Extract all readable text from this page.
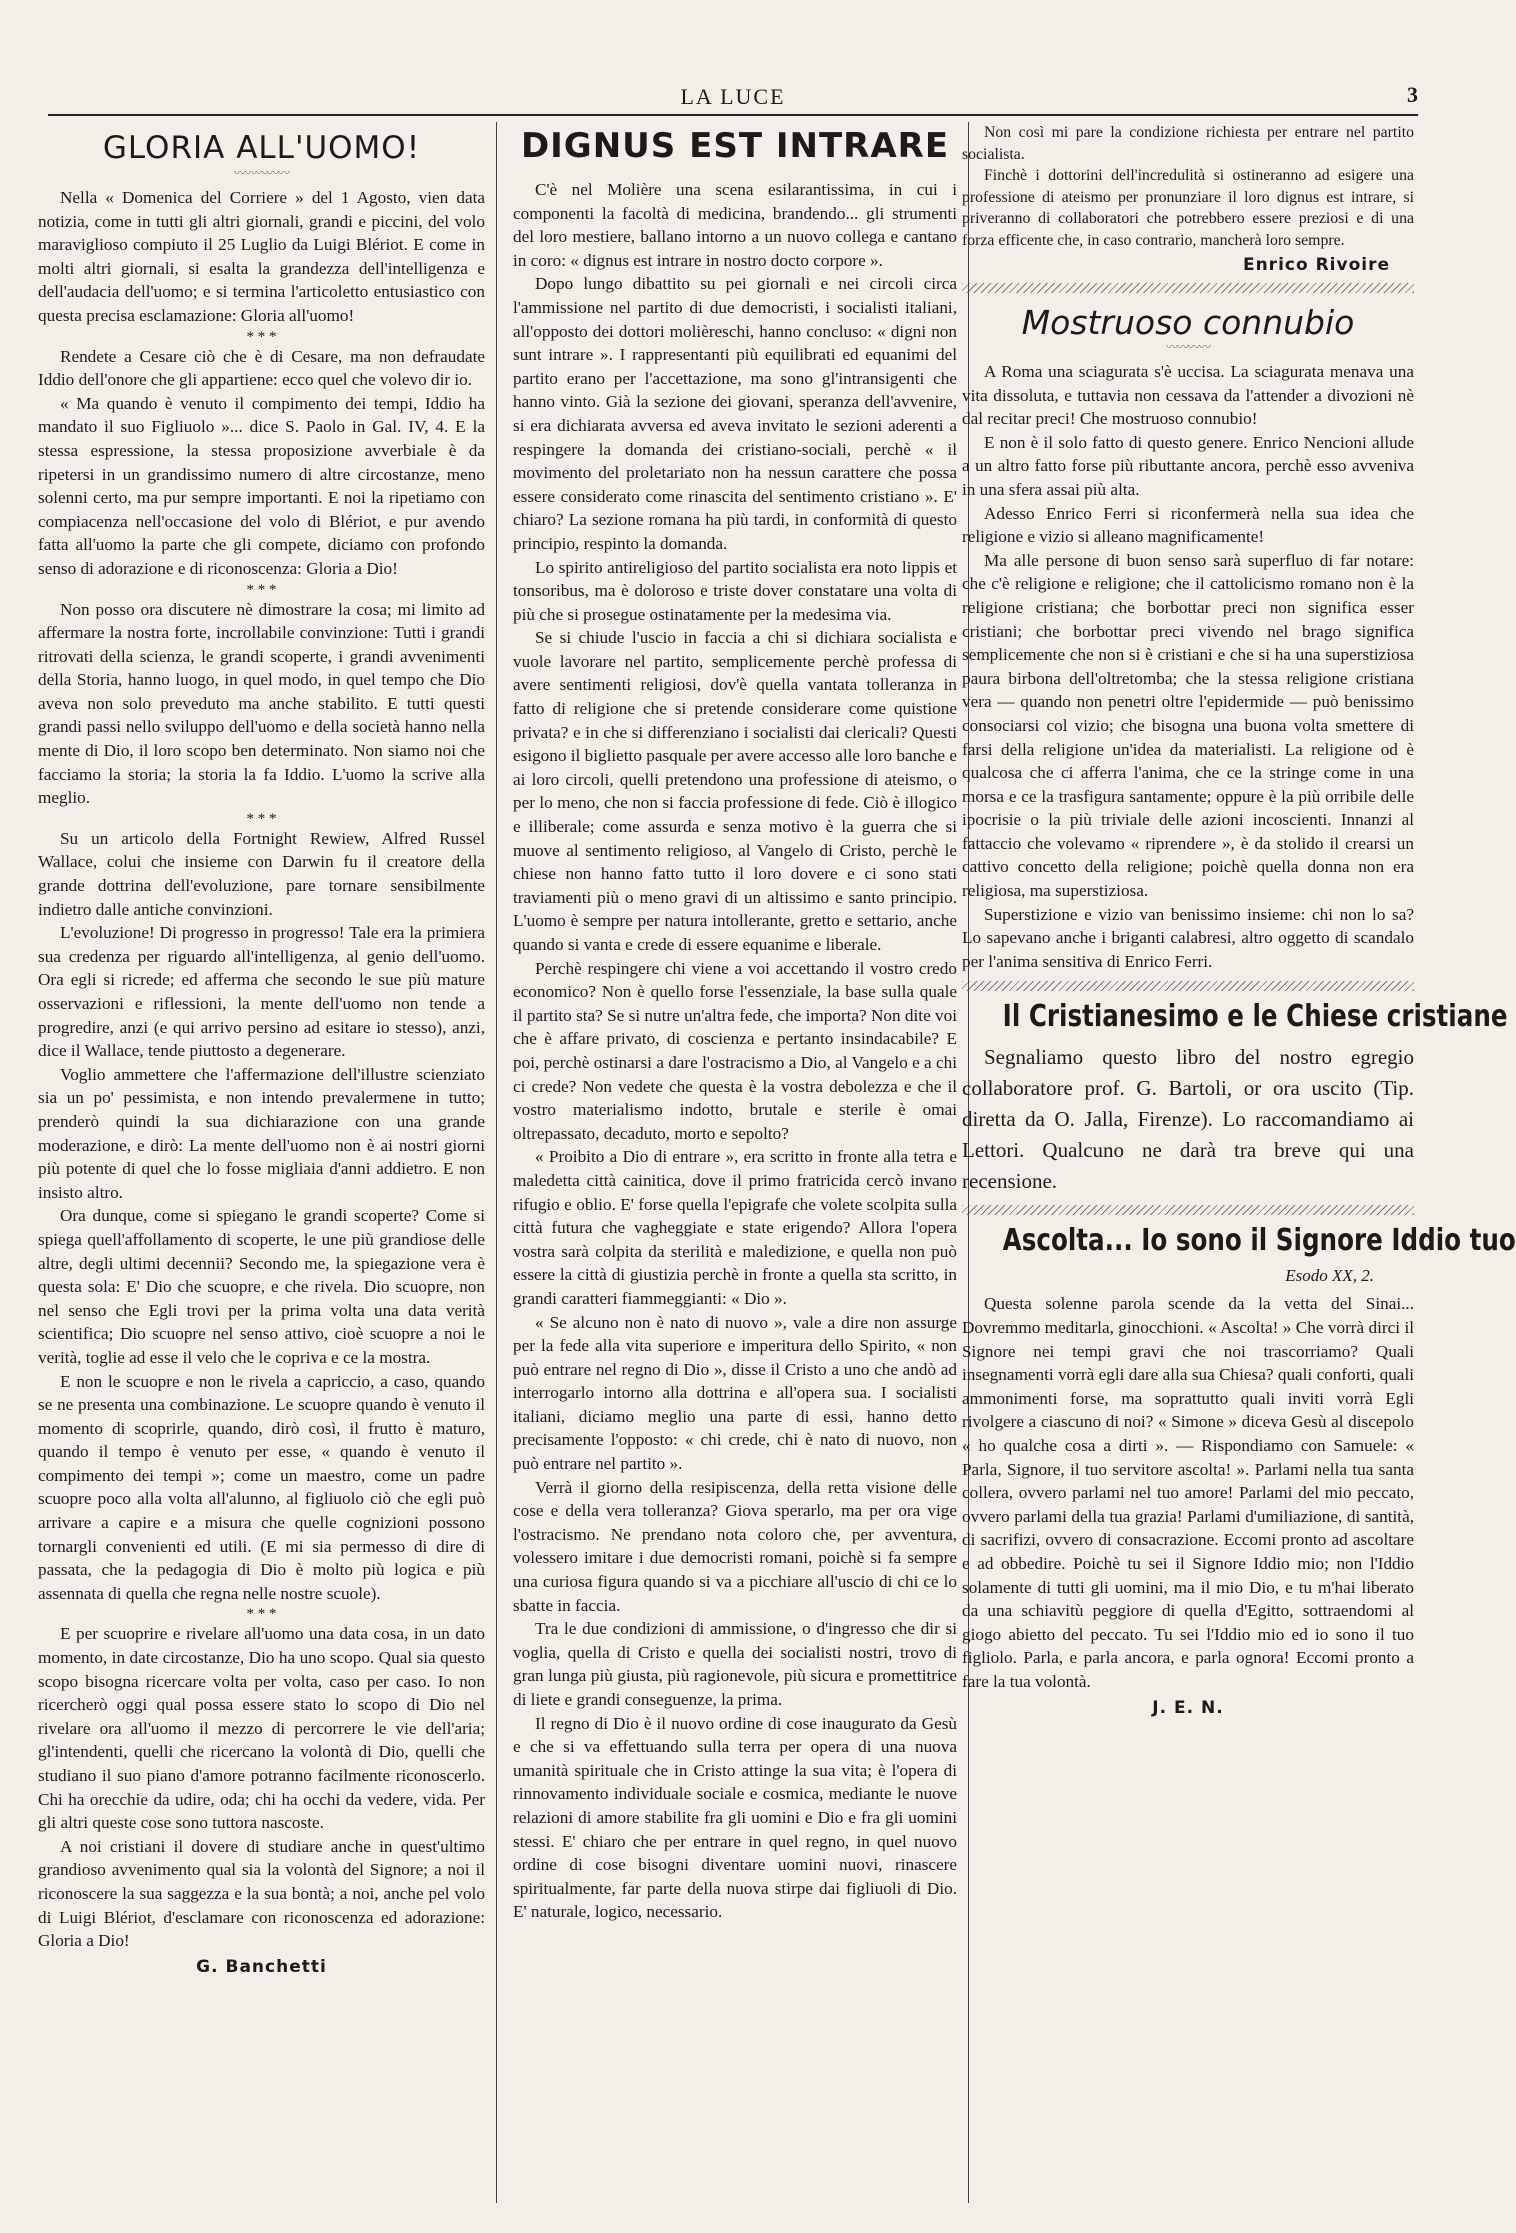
LA LUCE	3
GLORIA ALL'UOMO!
〰〰〰〰〰

Nella « Domenica del Corriere » del 1 Agosto, vien data notizia, come in tutti gli altri giornali, grandi e piccini, del volo maraviglioso compiuto il 25 Luglio da Luigi Blériot. E come in molti altri giornali, si esalta la grandezza dell'intelligenza e dell'audacia dell'uomo; e si termina l'articoletto entusiastico con questa precisa esclamazione: Gloria all'uomo!

* * *

Rendete a Cesare ciò che è di Cesare, ma non defraudate Iddio dell'onore che gli appartiene: ecco quel che volevo dir io.

« Ma quando è venuto il compimento dei tempi, Iddio ha mandato il suo Figliuolo »... dice S. Paolo in Gal. IV, 4. E la stessa espressione, la stessa proposizione avverbiale è da ripetersi in un grandissimo numero di altre circostanze, meno solenni certo, ma pur sempre importanti. E noi la ripetiamo con compiacenza nell'occasione del volo di Blériot, e pur avendo fatta all'uomo la parte che gli compete, diciamo con profondo senso di adorazione e di riconoscenza: Gloria a Dio!

* * *

Non posso ora discutere nè dimostrare la cosa; mi limito ad affermare la nostra forte, incrollabile convinzione: Tutti i grandi ritrovati della scienza, le grandi scoperte, i grandi avvenimenti della Storia, hanno luogo, in quel modo, in quel tempo che Dio aveva non solo preveduto ma anche stabilito. E tutti questi grandi passi nello sviluppo dell'uomo e della società hanno nella mente di Dio, il loro scopo ben determinato. Non siamo noi che facciamo la storia; la storia la fa Iddio. L'uomo la scrive alla meglio.

* * *

Su un articolo della Fortnight Rewiew, Alfred Russel Wallace, colui che insieme con Darwin fu il creatore della grande dottrina dell'evoluzione, pare tornare sensibilmente indietro dalle antiche convinzioni.

L'evoluzione! Di progresso in progresso! Tale era la primiera sua credenza per riguardo all'intelligenza, al genio dell'uomo. Ora egli si ricrede; ed afferma che secondo le sue più mature osservazioni e riflessioni, la mente dell'uomo non tende a progredire, anzi (e qui arrivo persino ad esitare io stesso), anzi, dice il Wallace, tende piuttosto a degenerare.

Voglio ammettere che l'affermazione dell'illustre scienziato sia un po' pessimista, e non intendo prevalermene in tutto; prenderò quindi la sua dichiarazione con una grande moderazione, e dirò: La mente dell'uomo non è ai nostri giorni più potente di quel che lo fosse migliaia d'anni addietro. E non insisto altro.

Ora dunque, come si spiegano le grandi scoperte? Come si spiega quell'affollamento di scoperte, le une più grandiose delle altre, degli ultimi decennii? Secondo me, la spiegazione vera è questa sola: E' Dio che scuopre, e che rivela. Dio scuopre, non nel senso che Egli trovi per la prima volta una data verità scientifica; Dio scuopre nel senso attivo, cioè scuopre a noi le verità, toglie ad esse il velo che le copriva e ce la mostra.

E non le scuopre e non le rivela a capriccio, a caso, quando se ne presenta una combinazione. Le scuopre quando è venuto il momento di scoprirle, quando, dirò così, il frutto è maturo, quando il tempo è venuto per esse, « quando è venuto il compimento dei tempi »; come un maestro, come un padre scuopre poco alla volta all'alunno, al figliuolo ciò che egli può arrivare a capire e a misura che quelle cognizioni possono tornargli convenienti ed utili. (E mi sia permesso di dire di passata, che la pedagogia di Dio è molto più logica e più assennata di quella che regna nelle nostre scuole).

* * *

E per scuoprire e rivelare all'uomo una data cosa, in un dato momento, in date circostanze, Dio ha uno scopo. Qual sia questo scopo bisogna ricercare volta per volta, caso per caso. Io non ricercherò oggi qual possa essere stato lo scopo di Dio nel rivelare ora all'uomo il mezzo di percorrere le vie dell'aria; gl'intendenti, quelli che ricercano la volontà di Dio, quelli che studiano il suo piano d'amore potranno facilmente riconoscerlo. Chi ha orecchie da udire, oda; chi ha occhi da vedere, vida. Per gli altri queste cose sono tuttora nascoste.

A noi cristiani il dovere di studiare anche in quest'ultimo grandioso avvenimento qual sia la volontà del Signore; a noi il riconoscere la sua saggezza e la sua bontà; a noi, anche pel volo di Luigi Blériot, d'esclamare con riconoscenza ed adorazione: Gloria a Dio!

G. Banchetti
DIGNUS EST INTRARE

C'è nel Molière una scena esilarantissima, in cui i componenti la facoltà di medicina, brandendo... gli strumenti del loro mestiere, ballano intorno a un nuovo collega e cantano in coro: « dignus est intrare in nostro docto corpore ».

Dopo lungo dibattito su pei giornali e nei circoli circa l'ammissione nel partito di due democristi, i socialisti italiani, all'opposto dei dottori molièreschi, hanno concluso: « digni non sunt intrare ». I rappresentanti più equilibrati ed equanimi del partito erano per l'accettazione, ma sono gl'intransigenti che hanno vinto. Già la sezione dei giovani, speranza dell'avvenire, si era dichiarata avversa ed aveva invitato le sezioni aderenti a respingere la domanda dei cristiano-sociali, perchè « il movimento del proletariato non ha nessun carattere che possa essere considerato come rinascita del sentimento cristiano ». E' chiaro? La sezione romana ha più tardi, in conformità di questo principio, respinto la domanda.

Lo spirito antireligioso del partito socialista era noto lippis et tonsoribus, ma è doloroso e triste dover constatare una volta di più che si prosegue ostinatamente per la medesima via.

Se si chiude l'uscio in faccia a chi si dichiara socialista e vuole lavorare nel partito, semplicemente perchè professa di avere sentimenti religiosi, dov'è quella vantata tolleranza in fatto di religione che si pretende considerare come quistione privata? e in che si differenziano i socialisti dai clericali? Questi esigono il biglietto pasquale per avere accesso alle loro banche e ai loro circoli, quelli pretendono una professione di ateismo, o per lo meno, che non si faccia professione di fede. Ciò è illogico e illiberale; come assurda e senza motivo è la guerra che si muove al sentimento religioso, al Vangelo di Cristo, perchè le chiese non hanno fatto tutto il loro dovere e ci sono stati traviamenti più o meno gravi di un altissimo e santo principio. L'uomo è sempre per natura intollerante, gretto e settario, anche quando si vanta e crede di essere equanime e liberale.

Perchè respingere chi viene a voi accettando il vostro credo economico? Non è quello forse l'essenziale, la base sulla quale il partito sta? Se si nutre un'altra fede, che importa? Non dite voi che è affare privato, di coscienza e pertanto insindacabile? E poi, perchè ostinarsi a dare l'ostracismo a Dio, al Vangelo e a chi ci crede? Non vedete che questa è la vostra debolezza e che il vostro materialismo indotto, brutale e sterile è omai oltrepassato, decaduto, morto e sepolto?

« Proibito a Dio di entrare », era scritto in fronte alla tetra e maledetta città cainitica, dove il primo fratricida cercò invano rifugio e oblio. E' forse quella l'epigrafe che volete scolpita sulla città futura che vagheggiate e state erigendo? Allora l'opera vostra sarà colpita da sterilità e maledizione, e quella non può essere la città di giustizia perchè in fronte a quella sta scritto, in grandi caratteri fiammeggianti: « Dio ».

« Se alcuno non è nato di nuovo », vale a dire non assurge per la fede alla vita superiore e imperitura dello Spirito, « non può entrare nel regno di Dio », disse il Cristo a uno che andò ad interrogarlo intorno alla dottrina e all'opera sua. I socialisti italiani, diciamo meglio una parte di essi, hanno detto precisamente l'opposto: « chi crede, chi è nato di nuovo, non può entrare nel partito ».

Verrà il giorno della resipiscenza, della retta visione delle cose e della vera tolleranza? Giova sperarlo, ma per ora vige l'ostracismo. Ne prendano nota coloro che, per avventura, volessero imitare i due democristi romani, poichè si fa sempre una curiosa figura quando si va a picchiare all'uscio di chi ce lo sbatte in faccia.

Tra le due condizioni di ammissione, o d'ingresso che dir si voglia, quella di Cristo e quella dei socialisti nostri, trovo di gran lunga più giusta, più ragionevole, più sicura e promettitrice di liete e grandi conseguenze, la prima.

Il regno di Dio è il nuovo ordine di cose inaugurato da Gesù e che si va effettuando sulla terra per opera di una nuova umanità spirituale che in Cristo attinge la sua vita; è l'opera di rinnovamento individuale sociale e cosmica, mediante le nuove relazioni di amore stabilite fra gli uomini e Dio e fra gli uomini stessi. E' chiaro che per entrare in quel regno, in quel nuovo ordine di cose bisogni diventare uomini nuovi, rinascere spiritualmente, far parte della nuova stirpe dai figliuoli di Dio. E' naturale, logico, necessario.

Non così mi pare la condizione richiesta per entrare nel partito socialista.

Finchè i dottorini dell'incredulità si ostineranno ad esigere una professione di ateismo per pronunziare il loro dignus est intrare, si priveranno di collaboratori che potrebbero essere preziosi e di una forza efficente che, in caso contrario, mancherà loro sempre.

Enrico Rivoire
Mostruoso connubio
〰〰〰〰

A Roma una sciagurata s'è uccisa. La sciagurata menava una vita dissoluta, e tuttavia non cessava da l'attender a divozioni nè dal recitar preci! Che mostruoso connubio!

E non è il solo fatto di questo genere. Enrico Nencioni allude a un altro fatto forse più ributtante ancora, perchè esso avveniva in una sfera assai più alta.

Adesso Enrico Ferri si riconfermerà nella sua idea che religione e vizio si alleano magnificamente!

Ma alle persone di buon senso sarà superfluo di far notare: che c'è religione e religione; che il cattolicismo romano non è la religione cristiana; che borbottar preci non significa esser cristiani; che borbottar preci vivendo nel brago significa semplicemente che non si è cristiani e che si ha una superstiziosa paura birbona dell'oltretomba; che la stessa religione cristiana vera — quando non penetri oltre l'epidermide — può benissimo consociarsi col vizio; che bisogna una buona volta smettere di farsi della religione un'idea da materialisti. La religione od è qualcosa che ci afferra l'anima, che ce la stringe come in una morsa e ce la trasfigura santamente; oppure è la più orribile delle ipocrisie o la più triviale delle azioni incoscienti. Innanzi al fattaccio che volevamo « riprendere », è da stolido il crearsi un cattivo concetto della religione; poichè quella donna non era religiosa, ma superstiziosa.

Superstizione e vizio van benissimo insieme: chi non lo sa? Lo sapevano anche i briganti calabresi, altro oggetto di scandalo per l'anima sensitiva di Enrico Ferri.

Il Cristianesimo e le Chiese cristiane

Segnaliamo questo libro del nostro egregio collaboratore prof. G. Bartoli, or ora uscito (Tip. diretta da O. Jalla, Firenze). Lo raccomandiamo ai Lettori. Qualcuno ne darà tra breve qui una recensione.

Ascolta... Io sono il Signore Iddio tuo
Esodo XX, 2.

Questa solenne parola scende da la vetta del Sinai... Dovremmo meditarla, ginocchioni. « Ascolta! » Che vorrà dirci il Signore nei tempi gravi che noi trascorriamo? Quali insegnamenti vorrà egli dare alla sua Chiesa? quali conforti, quali ammonimenti forse, ma soprattutto quali inviti vorrà Egli rivolgere a ciascuno di noi? « Simone » diceva Gesù al discepolo « ho qualche cosa a dirti ». — Rispondiamo con Samuele: « Parla, Signore, il tuo servitore ascolta! ». Parlami nella tua santa collera, ovvero parlami nel tuo amore! Parlami del mio peccato, ovvero parlami della tua grazia! Parlami d'umiliazione, di santità, di sacrifizi, ovvero di consacrazione. Eccomi pronto ad ascoltare e ad obbedire. Poichè tu sei il Signore Iddio mio; non l'Iddio solamente di tutti gli uomini, ma il mio Dio, e tu m'hai liberato da una schiavitù peggiore di quella d'Egitto, sottraendomi al giogo abietto del peccato. Tu sei l'Iddio mio ed io sono il tuo figliolo. Parla, e parla ancora, e parla ognora! Eccomi pronto a fare la tua volontà.

J. E. N.
